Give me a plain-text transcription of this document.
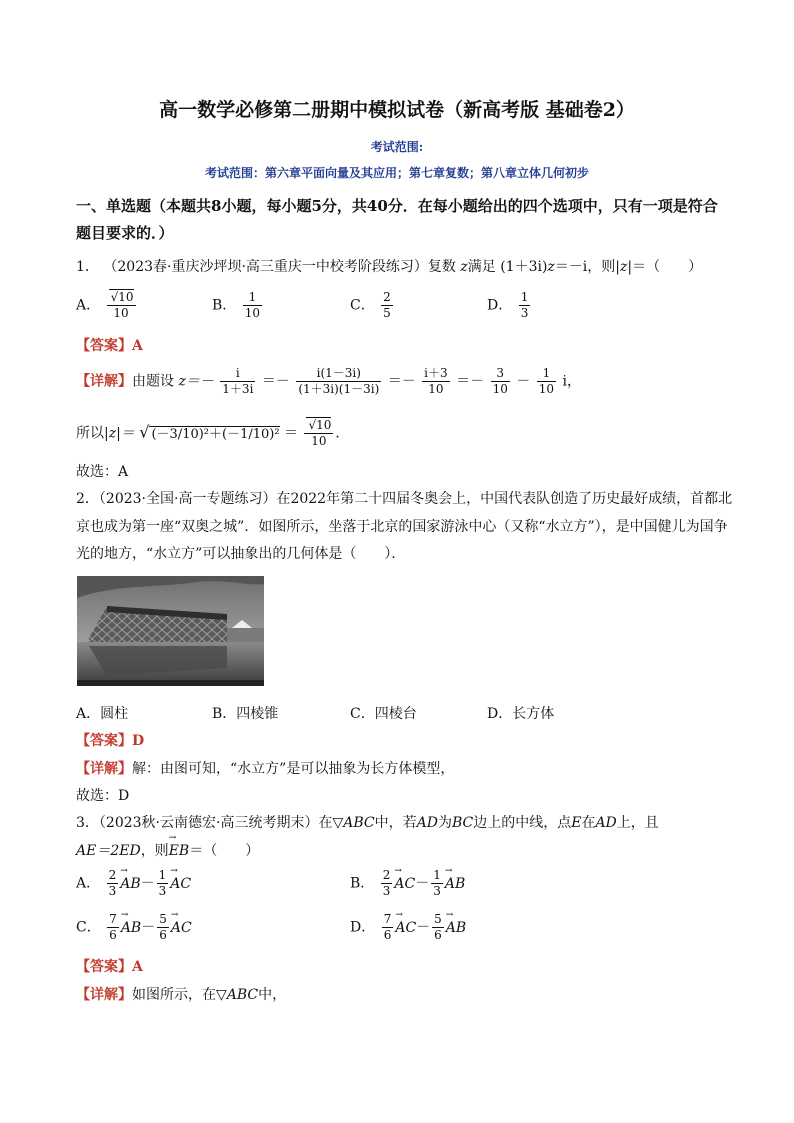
高一数学必修第二册期中模拟试卷（新高考版 基础卷2）
考试范围:
考试范围：第六章平面向量及其应用；第七章复数；第八章立体几何初步
一、单选题（本题共8小题，每小题5分，共40分．在每小题给出的四个选项中，只有一项是符合题目要求的．）
1． （2023春·重庆沙坪坝·高三重庆一中校考阶段练习）复数 z满足 (1＋3i)z＝－i，则|z|＝（　　）
A． $\frac{√10}{10}$	B． $\frac{1}{10}$	C． $\frac{2}{5}$	D． $\frac{1}{3}$
【答案】A
【详解】由题设 $z=- \frac{i}{1+3i} =- \frac{i(1-3i)}{(1+3i)(1-3i)} =- \frac{i+3}{10} =- \frac{3}{10} - \frac{1}{10}$ i，
所以|z|＝ √ $(-3/10)^2+(-1/10)^2 = \frac{√10}{10}$ ．
故选：A
2．（2023·全国·高一专题练习）在2022年第二十四届冬奥会上，中国代表队创造了历史最好成绩，首都北
京也成为第一座“双奥之城”．如图所示，坐落于北京的国家游泳中心（又称“水立方”），是中国健儿为国争
光的地方，“水立方”可以抽象出的几何体是（　　）．
A．圆柱	B．四棱锥	C．四棱台	D．长方体
【答案】D
【详解】解：由图可知，“水立方”是可以抽象为长方体模型，
故选：D
3．（2023秋·云南德宏·高三统考期末）在▽ABC中，若AD为BC边上的中线，点E在AD上，且
AE＝2ED，则→ EB＝（　　）
A． $\frac{2}{3}$
→ $AB- \frac{1}{3}$
→ AC	B． $\frac{2}{3}$
→ $AC- \frac{1}{3}$
→ AB
C． $\frac{7}{6}$
→ $AB- \frac{5}{6}$
→ AC	D． $\frac{7}{6}$
→ $AC- \frac{5}{6}$
→ AB
【答案】A
【详解】如图所示，在▽ABC中，
